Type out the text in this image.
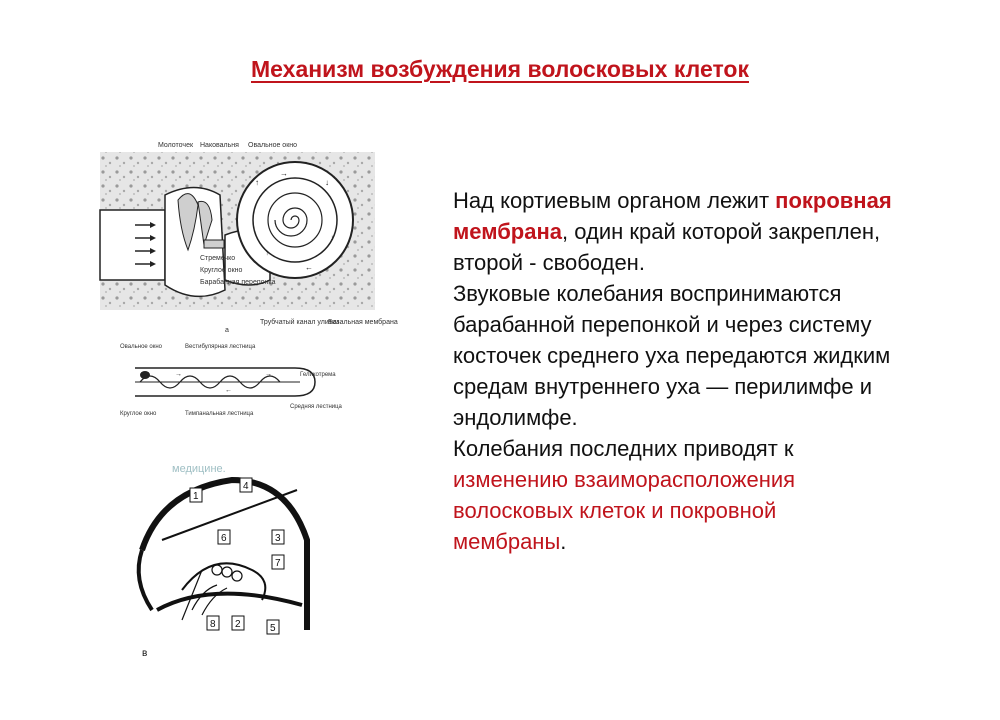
Механизм возбуждения волосковых клеток
↑	↓
↓
↑
→
←
Молоточек Наковальня Овальное окно
Стремечко
Круглое окно
Барабанная перепонка
Трубчатый канал улитки
Базальная мембрана
а
→
←
→
Овальное окно	Вестибулярная лестница
Геликотрема
Круглое окно	Тимпанальная лестница
Средняя лестница
медицине.
1
2
3
4
5
6
7
8
в

Над кортиевым органом лежит покровная мембрана, один край которой закреплен, второй - свободен.

Звуковые колебания воспринимаются барабанной перепонкой и через систему косточек среднего уха передаются жидким средам внутреннего уха — перилимфе и эндолимфе.

Колебания последних приводят к изменению взаиморасположения волосковых клеток и покровной мембраны.
